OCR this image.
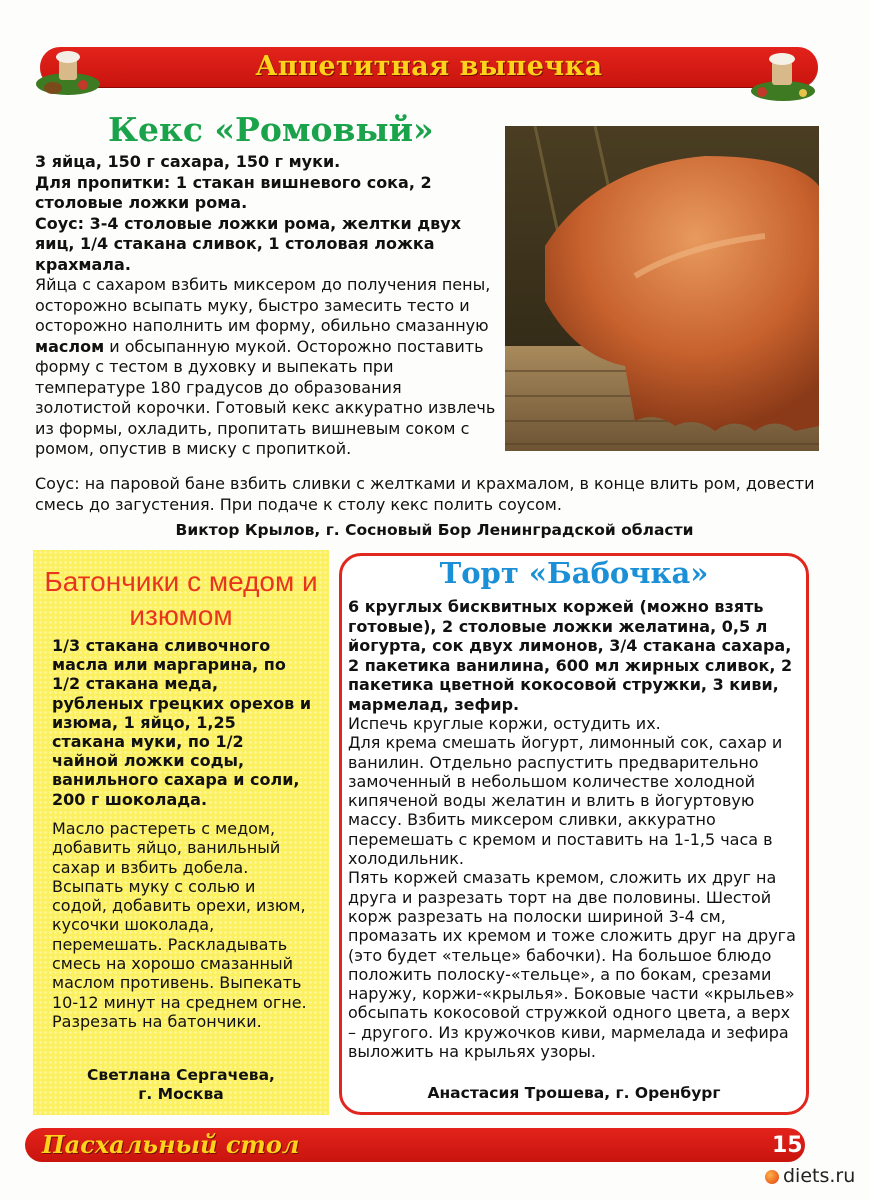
Аппетитная выпечка
Кекс «Ромовый»

3 яйца, 150 г сахара, 150 г муки.

Для пропитки: 1 стакан вишневого сока, 2 столовые ложки рома.

Соус: 3-4 столовые ложки рома, желтки двух яиц, 1/4 стакана сливок, 1 столовая ложка крахмала.

Яйца с сахаром взбить миксером до получения пены, осторожно всыпать муку, быстро замесить тесто и осторожно наполнить им форму, обильно смазанную маслом и обсыпанную мукой. Осторожно поставить форму с тестом в духовку и выпекать при температуре 180 градусов до образования золотистой корочки. Готовый кекс аккуратно извлечь из формы, охладить, пропитать вишневым соком с ромом, опустив в миску с пропиткой.

Соус: на паровой бане взбить сливки с желтками и крахмалом, в конце влить ром, довести смесь до загустения. При подаче к столу кекс полить соусом.
Виктор Крылов, г. Сосновый Бор Ленинградской области
Батончики с медом и изюмом
1/3 стакана сливочного масла или маргарина, по 1/2 стакана меда, рубленых грецких орехов и изюма, 1 яйцо, 1,25 стакана муки, по 1/2 чайной ложки соды, ванильного сахара и соли, 200 г шоколада.
Масло растереть с медом, добавить яйцо, ванильный сахар и взбить добела. Всыпать муку с солью и содой, добавить орехи, изюм, кусочки шоколада, перемешать. Раскладывать смесь на хорошо смазанный маслом противень. Выпекать 10-12 минут на среднем огне. Разрезать на батончики.
Светлана Сергачева,
г. Москва
Торт «Бабочка»
6 круглых бисквитных коржей (можно взять готовые), 2 столовые ложки желатина, 0,5 л йогурта, сок двух лимонов, 3/4 стакана сахара, 2 пакетика ванилина, 600 мл жирных сливок, 2 пакетика цветной кокосовой стружки, 3 киви, мармелад, зефир.
Испечь круглые коржи, остудить их.
Для крема смешать йогурт, лимонный сок, сахар и ванилин. Отдельно распустить предварительно замоченный в небольшом количестве холодной кипяченой воды желатин и влить в йогуртовую массу. Взбить миксером сливки, аккуратно перемешать с кремом и поставить на 1-1,5 часа в холодильник.
Пять коржей смазать кремом, сложить их друг на друга и разрезать торт на две половины. Шестой корж разрезать на полоски шириной 3-4 см, промазать их кремом и тоже сложить друг на друга (это будет «тельце» бабочки). На большое блюдо положить полоску-«тельце», а по бокам, срезами наружу, коржи-«крылья». Боковые части «крыльев» обсыпать кокосовой стружкой одного цвета, а верх – другого. Из кружочков киви, мармелада и зефира выложить на крыльях узоры.
Анастасия Трошева, г. Оренбург
Пасхальный стол	15
diets.ru
